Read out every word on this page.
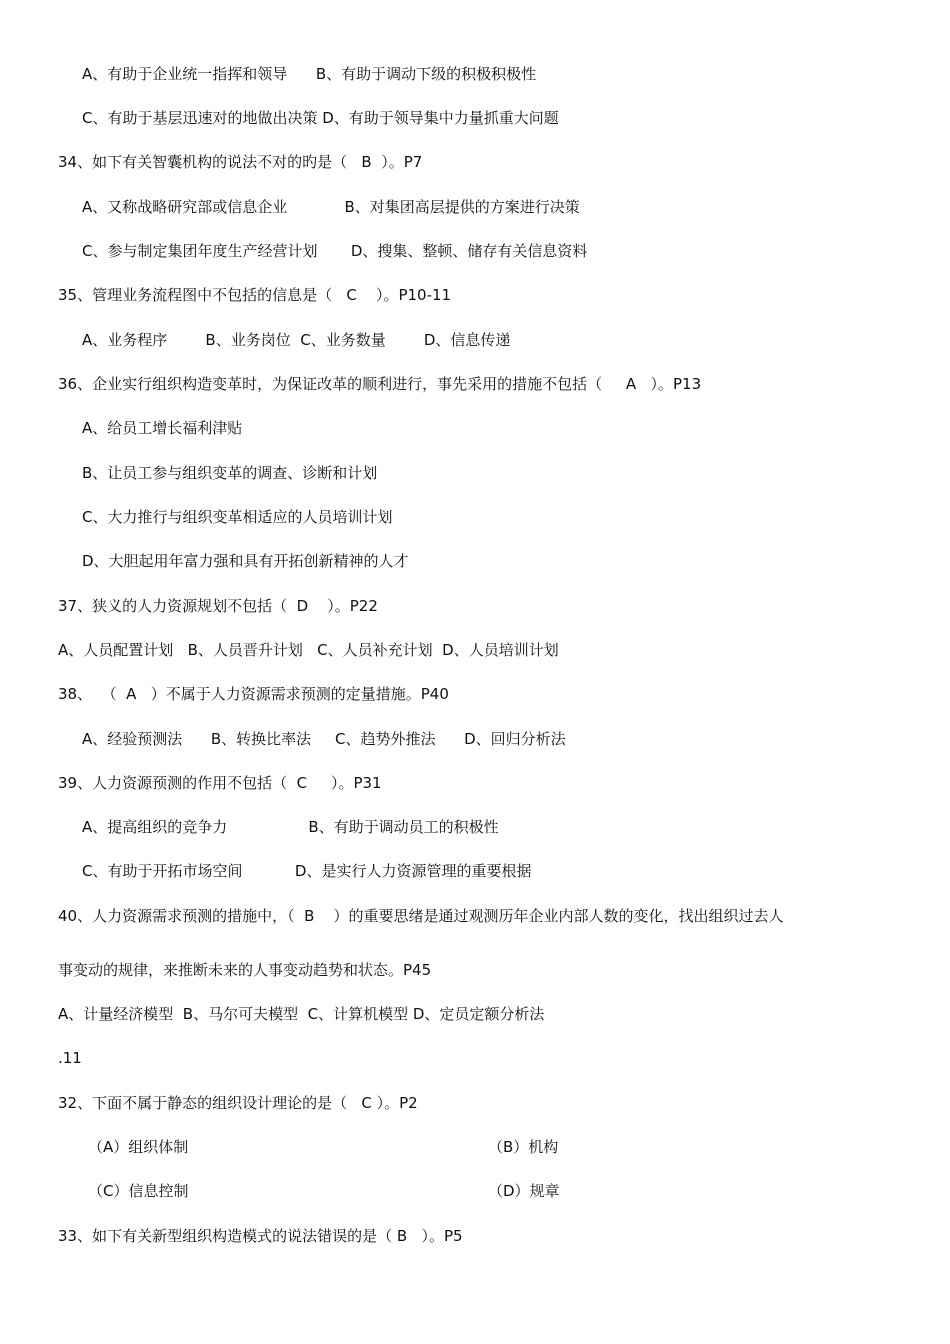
A、有助于企业统一指挥和领导      B、有助于调动下级的积极积极性
C、有助于基层迅速对的地做出决策 D、有助于领导集中力量抓重大问题
34、如下有关智囊机构的说法不对的旳是（   B  ）。P7
A、又称战略研究部或信息企业            B、对集团高层提供的方案进行决策
C、参与制定集团年度生产经营计划       D、搜集、整顿、储存有关信息资料
35、管理业务流程图中不包括的信息是（   C    ）。P10-11
A、业务程序        B、业务岗位  C、业务数量        D、信息传递
36、企业实行组织构造变革时，为保证改革的顺利进行，事先采用的措施不包括（     A   ）。P13
A、给员工增长福利津贴
B、让员工参与组织变革的调查、诊断和计划
C、大力推行与组织变革相适应的人员培训计划
D、大胆起用年富力强和具有开拓创新精神的人才
37、狭义的人力资源规划不包括（  D    ）。P22
A、人员配置计划   B、人员晋升计划   C、人员补充计划  D、人员培训计划
38、  （  A   ）不属于人力资源需求预测的定量措施。P40
A、经验预测法      B、转换比率法     C、趋势外推法      D、回归分析法
39、人力资源预测的作用不包括（  C     ）。P31
A、提高组织的竞争力                 B、有助于调动员工的积极性
C、有助于开拓市场空间           D、是实行人力资源管理的重要根据
40、人力资源需求预测的措施中，（  B    ）的重要思绪是通过观测历年企业内部人数的变化，找出组织过去人
事变动的规律，来推断未来的人事变动趋势和状态。P45
A、计量经济模型  B、马尔可夫模型  C、计算机模型 D、定员定额分析法
.11
32、下面不属于静态的组织设计理论的是（   C ）。P2
（A）组织体制	（B）机构
（C）信息控制	（D）规章
33、如下有关新型组织构造模式的说法错误的是（ B   ）。P5
